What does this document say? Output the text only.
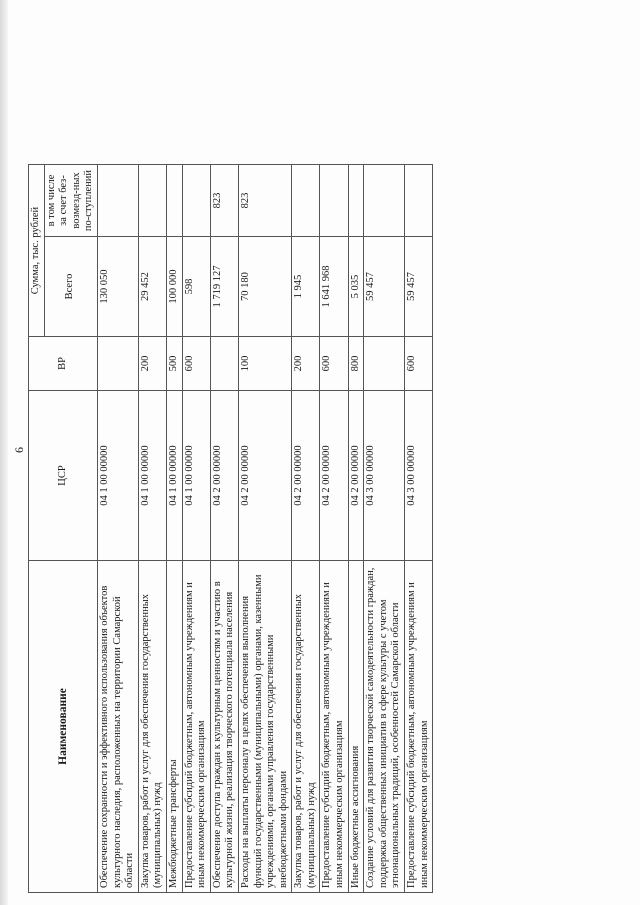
6
Наименование	ЦСР	ВР	Сумма, тыс. рублей	
			Всего	в том числе за счет без-возмезд-ных по-ступлений
Обеспечение сохранности и эффективного использования объектов культурного наследия, расположенных на территории Самарской области	04 1 00 00000		130 050	
Закупка товаров, работ и услуг для обеспечения государственных (муниципальных) нужд	04 1 00 00000	200	29 452	
Межбюджетные трансферты	04 1 00 00000	500	100 000	
Предоставление субсидий бюджетным, автономным учреждениям и иным некоммерческим организациям	04 1 00 00000	600	598	
Обеспечение доступа граждан к культурным ценностям и участию в культурной жизни, реализация творческого потенциала населения	04 2 00 00000		1 719 127	823
Расходы на выплаты персоналу в целях обеспечения выполнения функций государственными (муниципальными) органами, казенными учреждениями, органами управления государственными внебюджетными фондами	04 2 00 00000	100	70 180	823
Закупка товаров, работ и услуг для обеспечения государственных (муниципальных) нужд	04 2 00 00000	200	1 945	
Предоставление субсидий бюджетным, автономным учреждениям и иным некоммерческим организациям	04 2 00 00000	600	1 641 968	
Иные бюджетные ассигнования	04 2 00 00000	800	5 035	
Создание условий для развития творческой самодеятельности граждан, поддержка общественных инициатив в сфере культуры с учетом этнонациональных традиций, особенностей Самарской области	04 3 00 00000		59 457	
Предоставление субсидий бюджетным, автономным учреждениям и иным некоммерческим организациям	04 3 00 00000	600	59 457	
